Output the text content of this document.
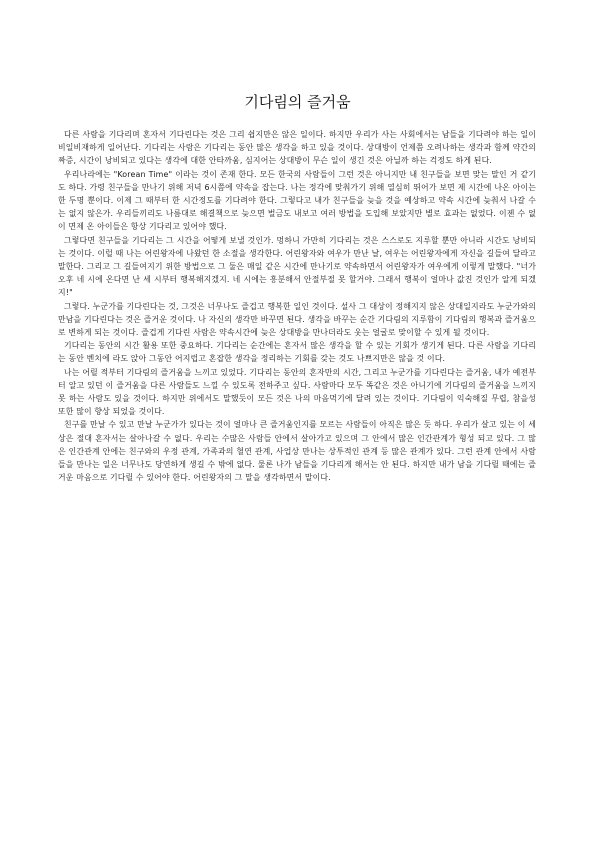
기다림의 즐거움

다른 사람을 기다리며 혼자서 기다린다는 것은 그리 쉽지만은 않은 일이다. 하지만 우리가 사는 사회에서는 남들을 기다려야 하는 일이 비일비재하게 일어난다. 기다리는 사람은 기다리는 동안 많은 생각을 하고 있을 것이다. 상대방이 언제쯤 오려나하는 생각과 함께 약간의 짜증, 시간이 낭비되고 있다는 생각에 대한 안타까움, 심지어는 상대방이 무슨 일이 생긴 것은 아닐까 하는 걱정도 하게 된다.

우리나라에는 "Korean Time" 이라는 것이 존재 한다. 모든 한국의 사람들이 그런 것은 아니지만 내 친구들을 보면 맞는 말인 거 같기도 하다. 가령 친구들을 만나기 위해 저녁 6시쯤에 약속을 잡는다. 나는 정각에 맞춰가기 위해 열심히 뛰어가 보면 제 시간에 나온 아이는 한 두명 뿐이다. 이제 그 때부터 한 시간정도를 기다려야 한다. 그렇다고 내가 친구들을 늦을 것을 예상하고 약속 시간에 늦춰서 나갈 수는 없지 않은가. 우리들끼리도 나름대로 해결책으로 늦으면 벌금도 내보고 여러 방법을 도입해 보았지만 별로 효과는 없었다. 이젠 수 없이 면제 온 아이들은 항상 기다리고 있어야 했다.

그렇다면 친구들을 기다리는 그 시간을 어떻게 보낼 것인가. 멍하니 가만히 기다리는 것은 스스로도 지루할 뿐만 아니라 시간도 낭비되는 것이다. 이럴 때 나는 어린왕자에 나왔던 한 소절을 생각한다. 어린왕자와 여우가 만난 날, 여우는 어린왕자에게 자신을 길들여 달라고 말한다. 그리고 그 길들여지기 위한 방법으로 그 둘은 매일 같은 시간에 만나기로 약속하면서 어린왕자가 여우에게 이렇게 말했다. "너가 오후 네 시에 온다면 난 세 시부터 행복해지겠지. 네 시에는 흥분해서 안절부절 못 할거야. 그래서 행복이 얼마나 값진 것인가 알게 되겠지!"

그렇다. 누군가를 기다린다는 것, 그것은 너무나도 즐겁고 행복한 일인 것이다. 설사 그 대상이 정해지지 않은 상대일지라도 누군가와의 만남을 기다린다는 것은 즐거운 것이다. 나 자신의 생각만 바꾸면 된다. 생각을 바꾸는 순간 기다림의 지루함이 기다림의 행복과 즐거움으로 변하게 되는 것이다. 즐겁게 기다린 사람은 약속시간에 늦은 상대방을 만나더라도 웃는 얼굴로 맞이할 수 있게 될 것이다.

기다리는 동안의 시간 활용 또한 중요하다. 기다리는 순간에는 혼자서 많은 생각을 할 수 있는 기회가 생기게 된다. 다른 사람을 기다리는 동안 벤치에 라도 앉아 그동안 어지럽고 혼잡한 생각을 정리하는 기회를 갖는 것도 나쁘지만은 않을 것 이다.

나는 어릴 적부터 기다림의 즐거움을 느끼고 있었다. 기다리는 동안의 혼자만의 시간, 그리고 누군가를 기다린다는 즐거움, 내가 예전부터 알고 있던 이 즐거움을 다른 사람들도 느낄 수 있도록 전하주고 싶다. 사람마다 모두 똑같은 것은 아니기에 기다림의 즐거움을 느끼지 못 하는 사람도 있을 것이다. 하지만 위에서도 말했듯이 모든 것은 나의 마음먹기에 달려 있는 것이다. 기다림이 익숙해질 무렵, 참을성 또한 많이 향상 되었을 것이다.

친구를 만날 수 있고 만날 누군가가 있다는 것이 얼마나 큰 즐거움인지를 모르는 사람들이 아직은 많은 듯 하다. 우리가 살고 있는 이 세상은 절대 혼자서는 살아나갈 수 없다. 우리는 수많은 사람들 안에서 살아가고 있으며 그 안에서 많은 인간관계가 형성 되고 있다. 그 많은 인간관계 안에는 친구와의 우정 관계, 가족과의 혈연 관계, 사업상 만나는 상투적인 관계 등 많은 관계가 있다. 그런 관계 안에서 사람들을 만나는 일은 너무나도 당연하게 생길 수 밖에 없다. 물론 나가 남들을 기다리게 해서는 안 된다. 하지만 내가 남을 기다릴 때에는 즐거운 마음으로 기다릴 수 있어야 한다. 어린왕자의 그 말을 생각하면서 말이다.
